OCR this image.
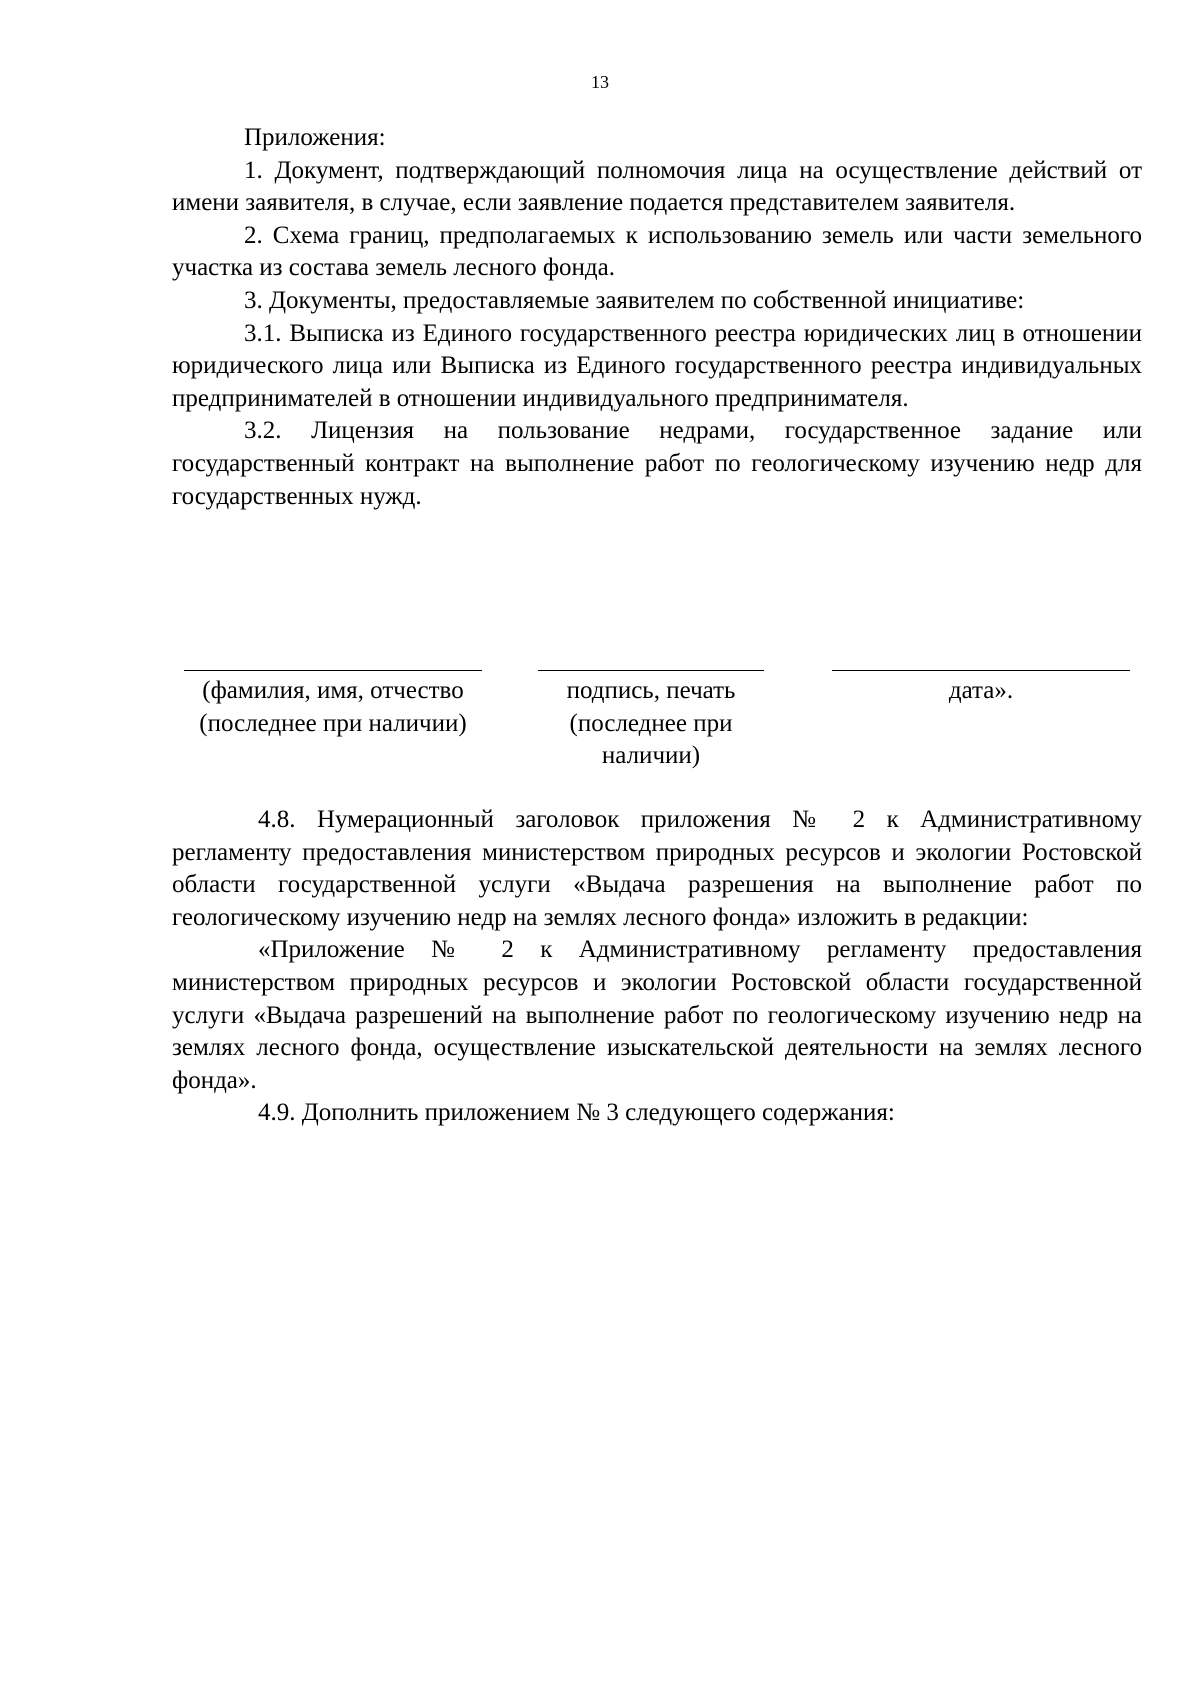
13

Приложения:

1. Документ, подтверждающий полномочия лица на осуществление действий от имени заявителя, в случае, если заявление подается представителем заявителя.

2. Схема границ, предполагаемых к использованию земель или части земельного участка из состава земель лесного фонда.

3. Документы, предоставляемые заявителем по собственной инициативе:

3.1. Выписка из Единого государственного реестра юридических лиц в отношении юридического лица или Выписка из Единого государственного реестра индивидуальных предпринимателей в отношении индивидуального предпринимателя.

3.2. Лицензия на пользование недрами, государственное задание или государственный контракт на выполнение работ по геологическому изучению недр для государственных нужд.

(фамилия, имя, отчество
(последнее при наличии)
подпись, печать
(последнее при
наличии)
дата».

4.8. Нумерационный заголовок приложения № 2 к Административному регламенту предоставления министерством природных ресурсов и экологии Ростовской области государственной услуги «Выдача разрешения на выполнение работ по геологическому изучению недр на землях лесного фонда» изложить в редакции:

«Приложение № 2 к Административному регламенту предоставления министерством природных ресурсов и экологии Ростовской области государственной услуги «Выдача разрешений на выполнение работ по геологическому изучению недр на землях лесного фонда, осуществление изыскательской деятельности на землях лесного фонда».

4.9. Дополнить приложением № 3 следующего содержания:
